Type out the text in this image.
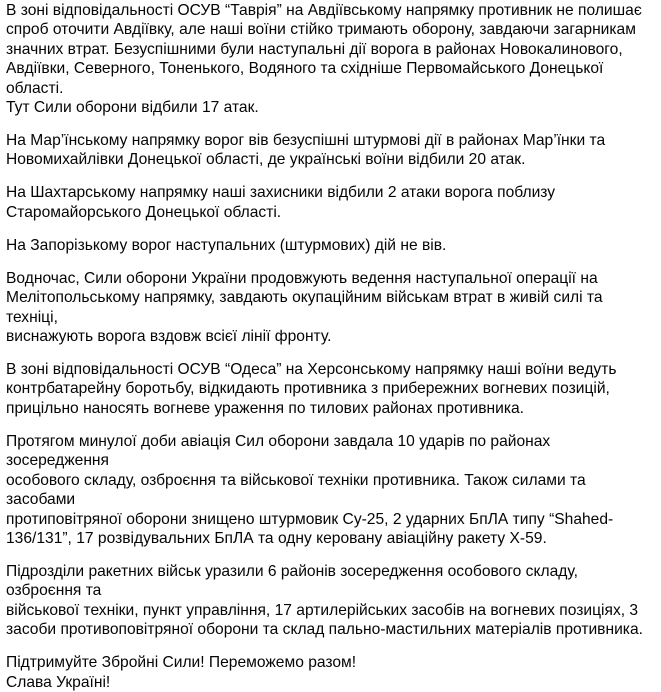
В зоні відповідальності ОСУВ “Таврія” на Авдіївському напрямку противник не полишає
спроб оточити Авдіївку, але наші воїни стійко тримають оборону, завдаючи загарникам
значних втрат. Безуспішними були наступальні дії ворога в районах Новокалинового,
Авдіївки, Северного, Тоненького, Водяного та східніше Первомайського Донецької області.
Тут Сили оборони відбили 17 атак.

На Мар’їнському напрямку ворог вів безуспішні штурмові дії в районах Мар’їнки та
Новомихайлівки Донецької області, де українські воїни відбили 20 атак.

На Шахтарському напрямку наші захисники відбили 2 атаки ворога поблизу
Старомайорського Донецької області.

На Запорізькому ворог наступальних (штурмових) дій не вів.

Водночас, Сили оборони України продовжують ведення наступальної операції на
Мелітопольському напрямку, завдають окупаційним військам втрат в живій силі та техніці,
виснажують ворога вздовж всієї лінії фронту.

В зоні відповідальності ОСУВ “Одеса” на Херсонському напрямку наші воїни ведуть
контрбатарейну боротьбу, відкидають противника з прибережних вогневих позицій,
прицільно наносять вогневе ураження по тилових районах противника.

Протягом минулої доби авіація Сил оборони завдала 10 ударів по районах зосередження
особового складу, озброєння та військової техніки противника. Також силами та засобами
протиповітряної оборони знищено штурмовик Су-25, 2 ударних БпЛА типу “Shahed-
136/131”, 17 розвідувальних БпЛА та одну керовану авіаційну ракету Х-59.

Підрозділи ракетних військ уразили 6 районів зосередження особового складу, озброєння та
військової техніки, пункт управління, 17 артилерійських засобів на вогневих позиціях, 3
засоби противоповітряної оборони та склад пально-мастильних матеріалів противника.

Підтримуйте Збройні Сили! Переможемо разом!
Слава Україні!
